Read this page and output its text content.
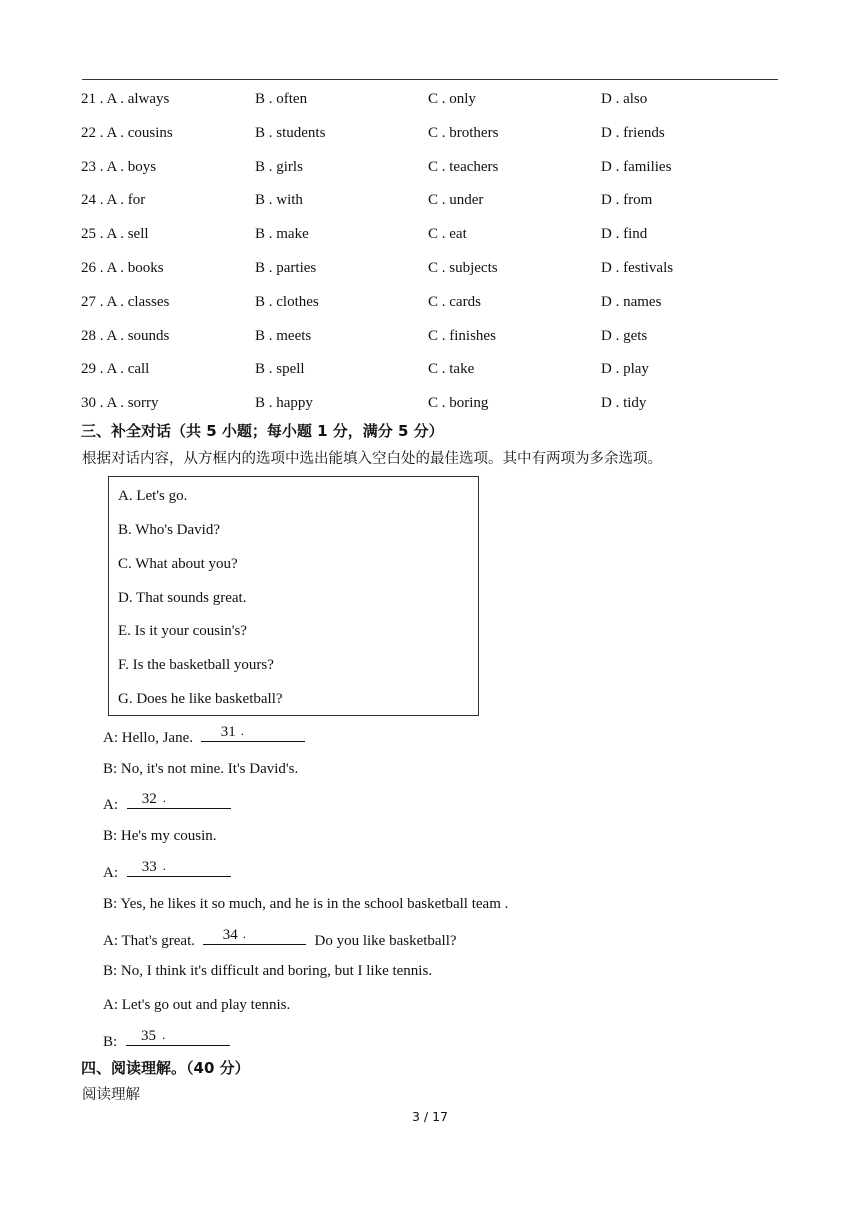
21 . A . always	B . often	C . only	D . also
22 . A . cousins	B . students	C . brothers	D . friends
23 . A . boys	B . girls	C . teachers	D . families
24 . A . for	B . with	C . under	D . from
25 . A . sell	B . make	C . eat	D . find
26 . A . books	B . parties	C . subjects	D . festivals
27 . A . classes	B . clothes	C . cards	D . names
28 . A . sounds	B . meets	C . finishes	D . gets
29 . A . call	B . spell	C . take	D . play
30 . A . sorry	B . happy	C . boring	D . tidy
三、补全对话（共 5 小题；每小题 1 分，满分 5 分）
根据对话内容，从方框内的选项中选出能填入空白处的最佳选项。其中有两项为多余选项。
A. Let's go.
B. Who's David?
C. What about you?
D. That sounds great.
E. Is it your cousin's?
F. Is the basketball yours?
G. Does he like basketball?
A: Hello, Jane. 31 .
B: No, it's not mine. It's David's.
A: 32 .
B: He's my cousin.
A: 33 .
B: Yes, he likes it so much, and he is in the school basketball team .
A: That's great. 34 .	Do you like basketball?
B: No, I think it's difficult and boring, but I like tennis.
A: Let's go out and play tennis.
B: 35 .
四、阅读理解。（40 分）
阅读理解
3 / 17
